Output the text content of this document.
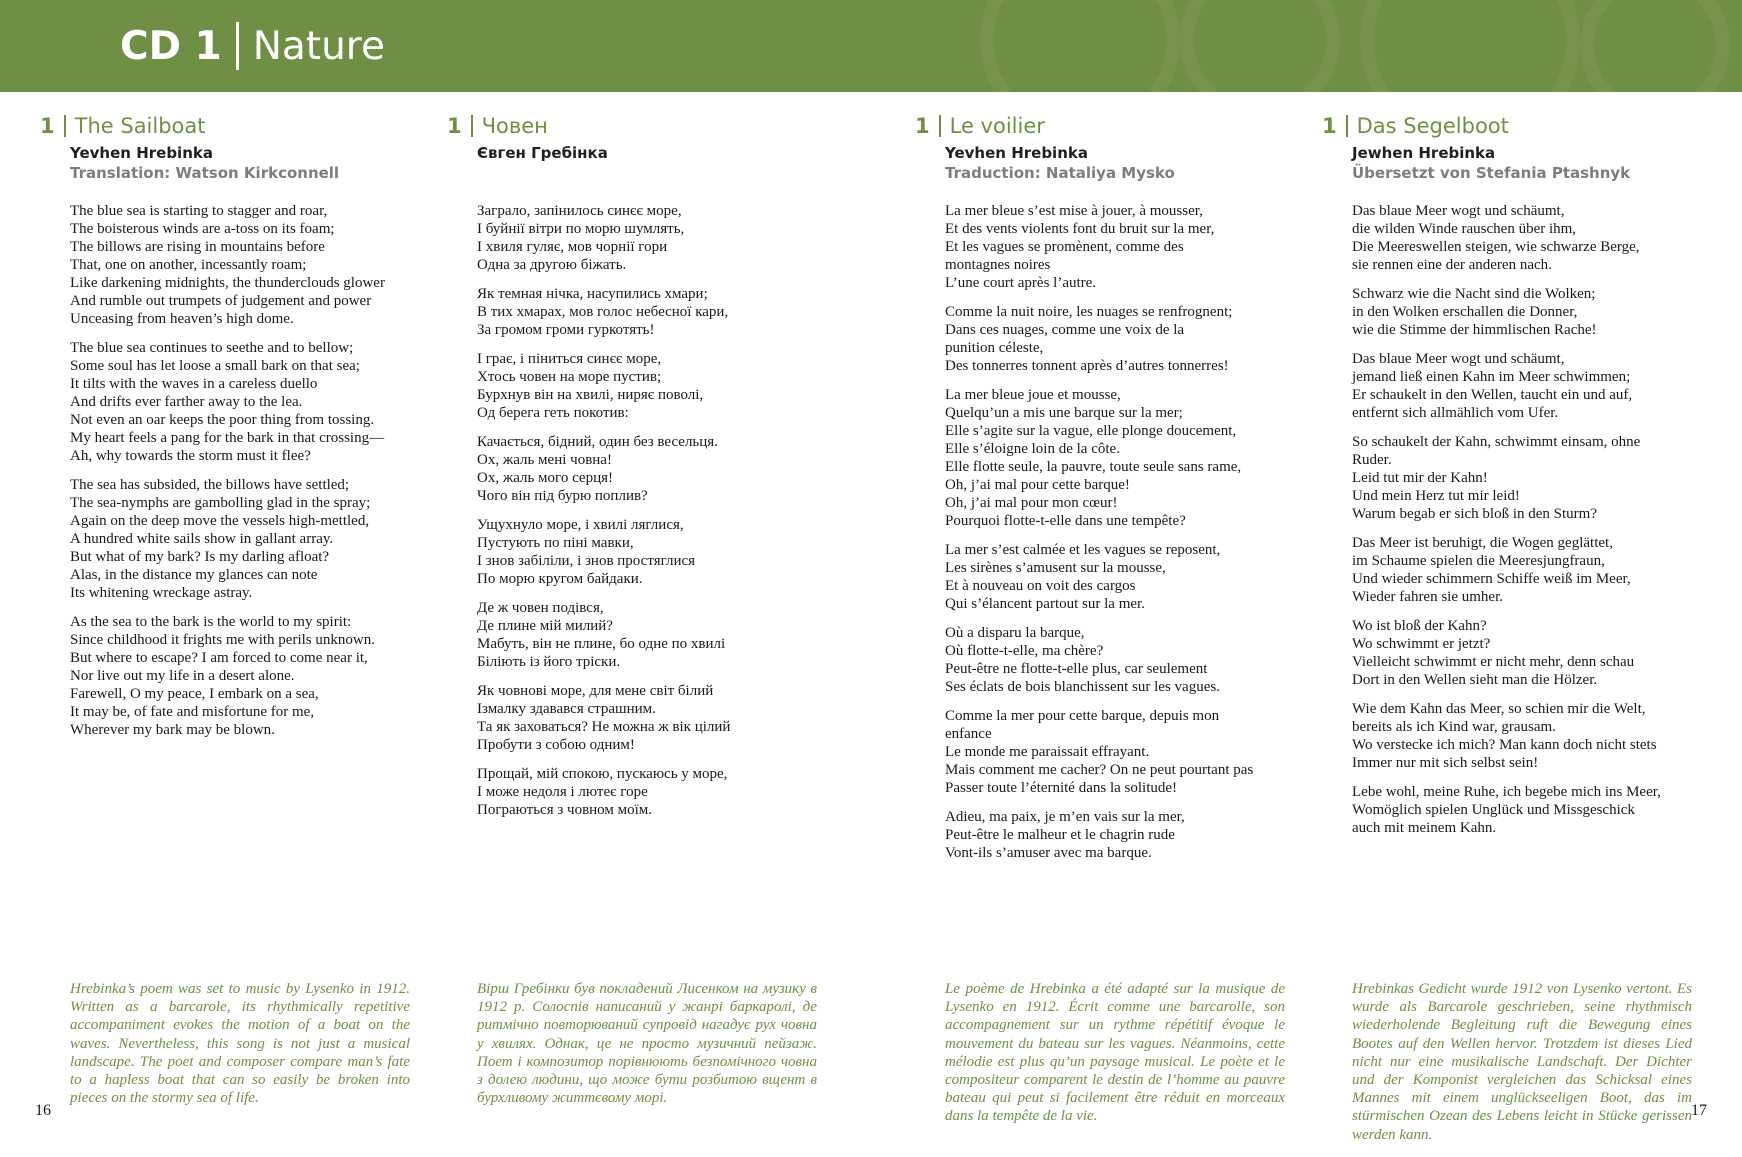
CD 1 Nature
1 The Sailboat
Yevhen Hrebinka
Translation: Watson Kirkconnell
The blue sea is starting to stagger and roar,
The boisterous winds are a-toss on its foam;
The billows are rising in mountains before
That, one on another, incessantly roam;
Like darkening midnights, the thunderclouds glower
And rumble out trumpets of judgement and power
Unceasing from heaven’s high dome.
The blue sea continues to seethe and to bellow;
Some soul has let loose a small bark on that sea;
It tilts with the waves in a careless duello
And drifts ever farther away to the lea.
Not even an oar keeps the poor thing from tossing.
My heart feels a pang for the bark in that crossing—
Ah, why towards the storm must it flee?
The sea has subsided, the billows have settled;
The sea-nymphs are gambolling glad in the spray;
Again on the deep move the vessels high-mettled,
A hundred white sails show in gallant array.
But what of my bark? Is my darling afloat?
Alas, in the distance my glances can note
Its whitening wreckage astray.
As the sea to the bark is the world to my spirit:
Since childhood it frights me with perils unknown.
But where to escape? I am forced to come near it,
Nor live out my life in a desert alone.
Farewell, O my peace, I embark on a sea,
It may be, of fate and misfortune for me,
Wherever my bark may be blown.

Hrebinka’s poem was set to music by Lysenko in 1912. Written as a barcarole, its rhythmically repetitive accompaniment evokes the motion of a boat on the waves. Nevertheless, this song is not just a musical landscape. The poet and composer compare man’s fate to a hapless boat that can so easily be broken into pieces on the stormy sea of life.

1 Човен
Євген Гребінка
Заграло, запінилось синєє море,
І буйнії вітри по морю шумлять,
І хвиля гуляє, мов чорнії гори
Одна за другою біжать.
Як темная нічка, насупились хмари;
В тих хмарах, мов голос небесної кари,
За громом громи гуркотять!
І грає, і піниться синєє море,
Хтось човен на море пустив;
Бурхнув він на хвилі, ниряє поволі,
Од берега геть покотив:
Качається, бідний, один без весельця.
Ох, жаль мені човна!
Ох, жаль мого серця!
Чого він під бурю поплив?
Ущухнуло море, і хвилі ляглися,
Пустують по піні мавки,
І знов забіліли, і знов простяглися
По морю кругом байдаки.
Де ж човен подівся,
Де плине мій милий?
Мабуть, він не плине, бо одне по хвилі
Біліють із його тріски.
Як човнові море, для мене світ білий
Ізмалку здавався страшним.
Та як заховаться? Не можна ж вік цілий
Пробути з собою одним!
Прощай, мій спокою, пускаюсь у море,
І може недоля і лютеє горе
Пограються з човном моїм.

Вірш Гребінки був покладений Лисенком на музику в 1912 р. Солоспів написаний у жанрі баркаролі, де ритмічно повторюваний супровід нагадує рух човна у хвилях. Однак, це не просто музичний пейзаж. Поет і композитор порівнюють безпомічного човна з долею людини, що може бути розбитою вщент в бурхливому життєвому морі.

1 Le voilier
Yevhen Hrebinka
Traduction: Nataliya Mysko
La mer bleue s’est mise à jouer, à mousser,
Et des vents violents font du bruit sur la mer,
Et les vagues se promènent, comme des
montagnes noires
L’une court après l’autre.
Comme la nuit noire, les nuages se renfrognent;
Dans ces nuages, comme une voix de la
punition céleste,
Des tonnerres tonnent après d’autres tonnerres!
La mer bleue joue et mousse,
Quelqu’un a mis une barque sur la mer;
Elle s’agite sur la vague, elle plonge doucement,
Elle s’éloigne loin de la côte.
Elle flotte seule, la pauvre, toute seule sans rame,
Oh, j’ai mal pour cette barque!
Oh, j’ai mal pour mon cœur!
Pourquoi flotte-t-elle dans une tempête?
La mer s’est calmée et les vagues se reposent,
Les sirènes s’amusent sur la mousse,
Et à nouveau on voit des cargos
Qui s’élancent partout sur la mer.
Où a disparu la barque,
Où flotte-t-elle, ma chère?
Peut-être ne flotte-t-elle plus, car seulement
Ses éclats de bois blanchissent sur les vagues.
Comme la mer pour cette barque, depuis mon
enfance
Le monde me paraissait effrayant.
Mais comment me cacher? On ne peut pourtant pas
Passer toute l’éternité dans la solitude!
Adieu, ma paix, je m’en vais sur la mer,
Peut-être le malheur et le chagrin rude
Vont-ils s’amuser avec ma barque.

Le poème de Hrebinka a été adapté sur la musique de Lysenko en 1912. Écrit comme une barcarolle, son accompagnement sur un rythme répétitif évoque le mouvement du bateau sur les vagues. Néanmoins, cette mélodie est plus qu’un paysage musical. Le poète et le compositeur comparent le destin de l’homme au pauvre bateau qui peut si facilement être réduit en morceaux dans la tempête de la vie.

1 Das Segelboot
Jewhen Hrebinka
Übersetzt von Stefania Ptashnyk
Das blaue Meer wogt und schäumt,
die wilden Winde rauschen über ihm,
Die Meereswellen steigen, wie schwarze Berge,
sie rennen eine der anderen nach.
Schwarz wie die Nacht sind die Wolken;
in den Wolken erschallen die Donner,
wie die Stimme der himmlischen Rache!
Das blaue Meer wogt und schäumt,
jemand ließ einen Kahn im Meer schwimmen;
Er schaukelt in den Wellen, taucht ein und auf,
entfernt sich allmählich vom Ufer.
So schaukelt der Kahn, schwimmt einsam, ohne
Ruder.
Leid tut mir der Kahn!
Und mein Herz tut mir leid!
Warum begab er sich bloß in den Sturm?
Das Meer ist beruhigt, die Wogen geglättet,
im Schaume spielen die Meeresjungfraun,
Und wieder schimmern Schiffe weiß im Meer,
Wieder fahren sie umher.
Wo ist bloß der Kahn?
Wo schwimmt er jetzt?
Vielleicht schwimmt er nicht mehr, denn schau
Dort in den Wellen sieht man die Hölzer.
Wie dem Kahn das Meer, so schien mir die Welt,
bereits als ich Kind war, grausam.
Wo verstecke ich mich? Man kann doch nicht stets
Immer nur mit sich selbst sein!
Lebe wohl, meine Ruhe, ich begebe mich ins Meer,
Womöglich spielen Unglück und Missgeschick
auch mit meinem Kahn.

Hrebinkas Gedicht wurde 1912 von Lysenko vertont. Es wurde als Barcarole geschrieben, seine rhythmisch wiederholende Begleitung ruft die Bewegung eines Bootes auf den Wellen hervor. Trotzdem ist dieses Lied nicht nur eine musikalische Landschaft. Der Dichter und der Komponist vergleichen das Schicksal eines Mannes mit einem unglückseeligen Boot, das im stürmischen Ozean des Lebens leicht in Stücke gerissen werden kann.

16	17
